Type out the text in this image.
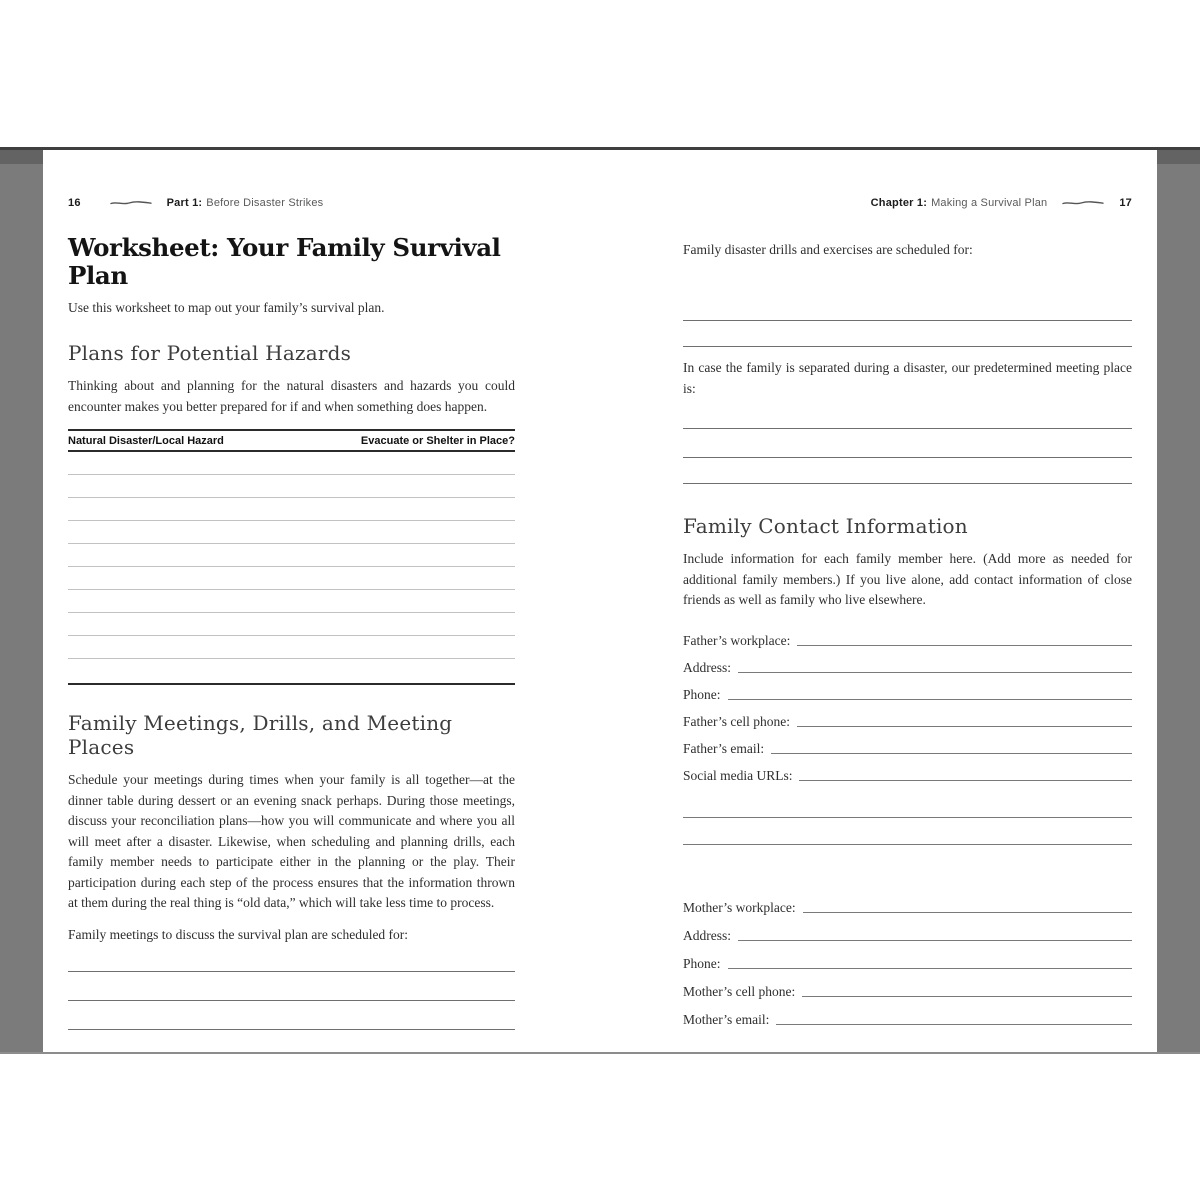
16	Part 1: Before Disaster Strikes
Worksheet: Your Family Survival Plan

Use this worksheet to map out your family’s survival plan.

Plans for Potential Hazards

Thinking about and planning for the natural disasters and hazards you could encounter makes you better prepared for if and when something does happen.

Natural Disaster/Local Hazard	Evacuate or Shelter in Place?
Family Meetings, Drills, and Meeting Places

Schedule your meetings during times when your family is all together—at the dinner table during dessert or an evening snack perhaps. During those meetings, discuss your reconciliation plans—how you will communicate and where you all will meet after a disaster. Likewise, when scheduling and planning drills, each family member needs to participate either in the planning or the play. Their participation during each step of the process ensures that the information thrown at them during the real thing is “old data,” which will take less time to process.

Family meetings to discuss the survival plan are scheduled for:

Chapter 1: Making a Survival Plan	17

Family disaster drills and exercises are scheduled for:

In case the family is separated during a disaster, our predetermined meeting place is:

Family Contact Information

Include information for each family member here. (Add more as needed for additional family members.) If you live alone, add contact information of close friends as well as family who live elsewhere.

Father’s workplace:
Address:
Phone:
Father’s cell phone:
Father’s email:
Social media URLs:
Mother’s workplace:
Address:
Phone:
Mother’s cell phone:
Mother’s email:
